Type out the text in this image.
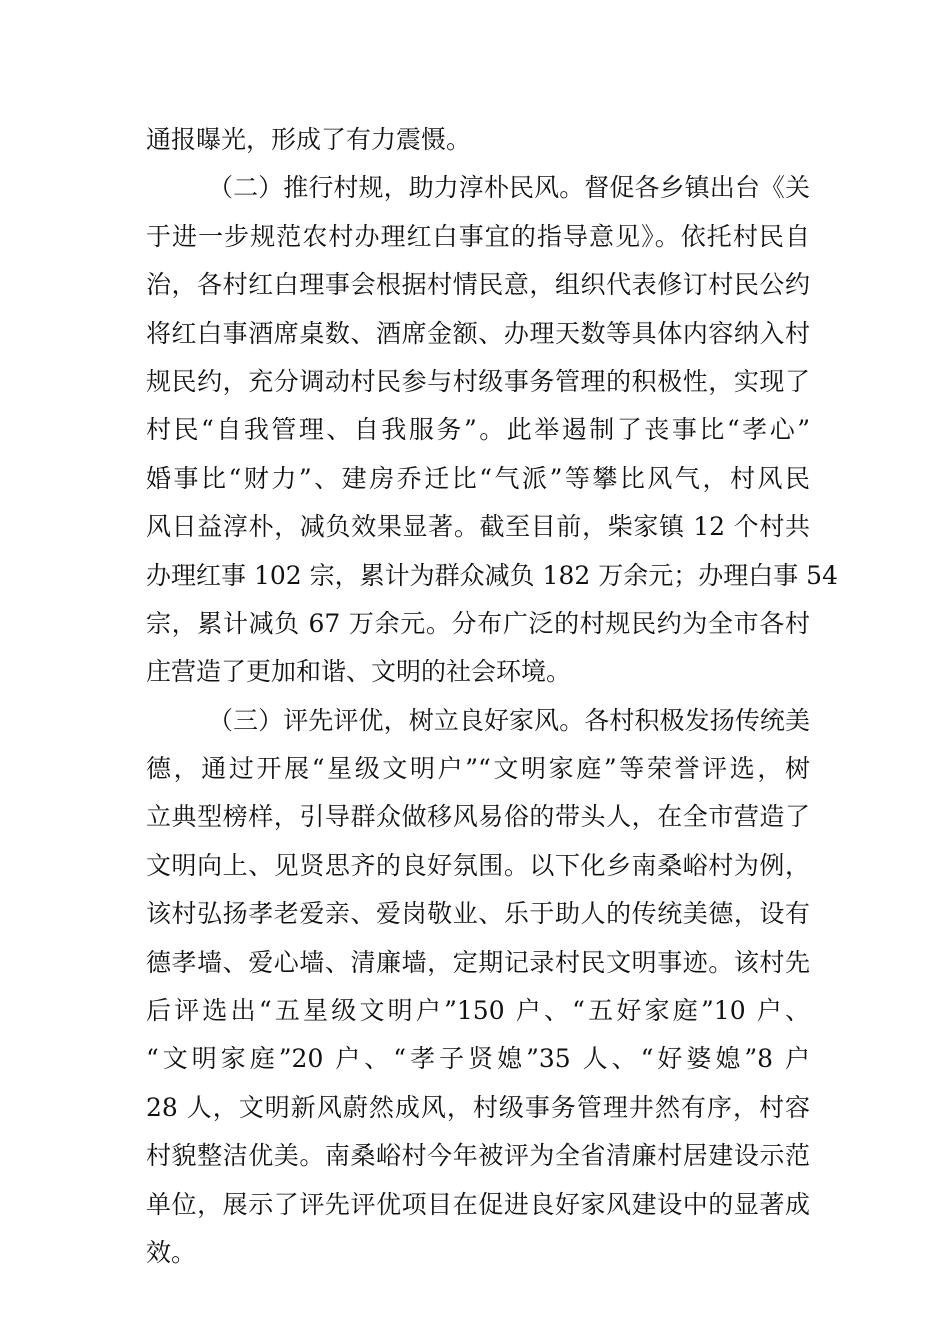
通报曝光，形成了有力震慑。
（二）推行村规，助力淳朴民风。督促各乡镇出台《关
于进一步规范农村办理红白事宜的指导意见》。依托村民自
治，各村红白理事会根据村情民意，组织代表修订村民公约
将红白事酒席桌数、酒席金额、办理天数等具体内容纳入村
规民约，充分调动村民参与村级事务管理的积极性，实现了
村民“自我管理、自我服务”。此举遏制了丧事比“孝心”
婚事比“财力”、建房乔迁比“气派”等攀比风气，村风民
风日益淳朴，减负效果显著。截至目前，柴家镇 12 个村共
办理红事 102 宗，累计为群众减负 182 万余元；办理白事 54
宗，累计减负 67 万余元。分布广泛的村规民约为全市各村
庄营造了更加和谐、文明的社会环境。
（三）评先评优，树立良好家风。各村积极发扬传统美
德，通过开展“星级文明户”“文明家庭”等荣誉评选，树
立典型榜样，引导群众做移风易俗的带头人，在全市营造了
文明向上、见贤思齐的良好氛围。以下化乡南桑峪村为例，
该村弘扬孝老爱亲、爱岗敬业、乐于助人的传统美德，设有
德孝墙、爱心墙、清廉墙，定期记录村民文明事迹。该村先
后评选出“五星级文明户”150 户、“五好家庭”10 户、
“文明家庭”20 户、“孝子贤媳”35 人、“好婆媳”8 户
28 人，文明新风蔚然成风，村级事务管理井然有序，村容
村貌整洁优美。南桑峪村今年被评为全省清廉村居建设示范
单位，展示了评先评优项目在促进良好家风建设中的显著成
效。
